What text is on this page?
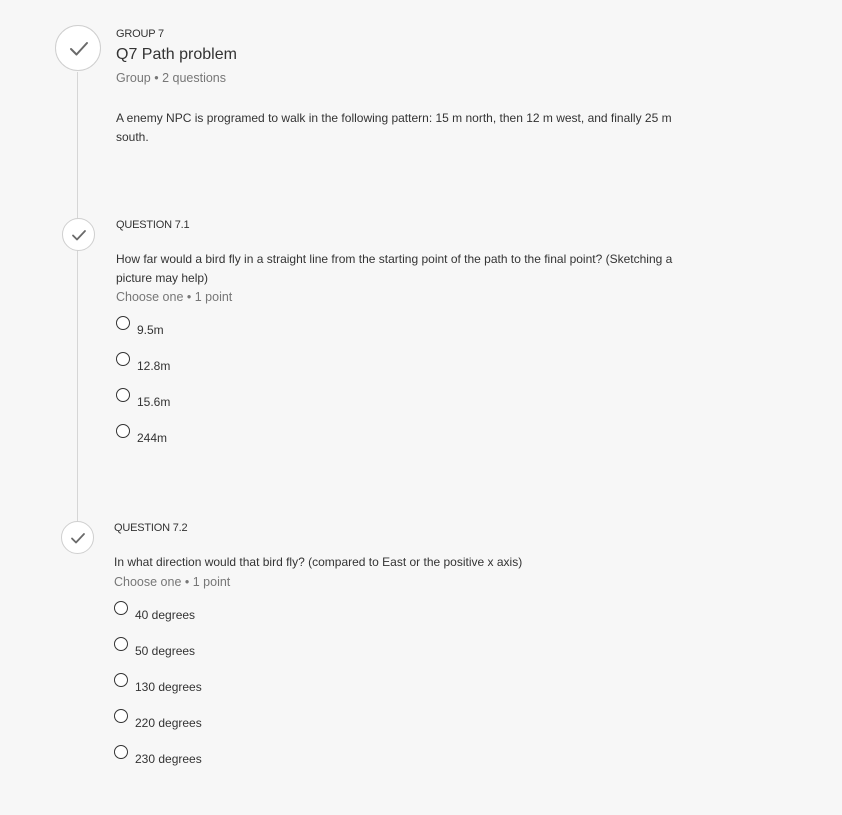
GROUP 7
Q7 Path problem
Group • 2 questions
A enemy NPC is programed to walk in the following pattern: 15 m north, then 12 m west, and finally 25 m south.
QUESTION 7.1
How far would a bird fly in a straight line from the starting point of the path to the final point? (Sketching a picture may help)
Choose one • 1 point
9.5m
12.8m
15.6m
244m
QUESTION 7.2
In what direction would that bird fly? (compared to East or the positive x axis)
Choose one • 1 point
40 degrees
50 degrees
130 degrees
220 degrees
230 degrees
